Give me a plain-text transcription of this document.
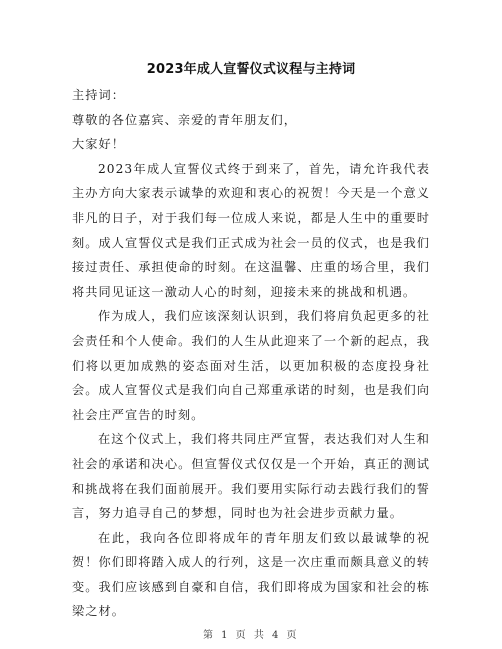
2023年成人宣誓仪式议程与主持词

主持词：

尊敬的各位嘉宾、亲爱的青年朋友们，

大家好！

2023年成人宣誓仪式终于到来了，首先，请允许我代表主办方向大家表示诚挚的欢迎和衷心的祝贺！今天是一个意义非凡的日子，对于我们每一位成人来说，都是人生中的重要时刻。成人宣誓仪式是我们正式成为社会一员的仪式，也是我们接过责任、承担使命的时刻。在这温馨、庄重的场合里，我们将共同见证这一激动人心的时刻，迎接未来的挑战和机遇。

作为成人，我们应该深刻认识到，我们将肩负起更多的社会责任和个人使命。我们的人生从此迎来了一个新的起点，我们将以更加成熟的姿态面对生活，以更加积极的态度投身社会。成人宣誓仪式是我们向自己郑重承诺的时刻，也是我们向社会庄严宣告的时刻。

在这个仪式上，我们将共同庄严宣誓，表达我们对人生和社会的承诺和决心。但宣誓仪式仅仅是一个开始，真正的测试和挑战将在我们面前展开。我们要用实际行动去践行我们的誓言，努力追寻自己的梦想，同时也为社会进步贡献力量。

在此，我向各位即将成年的青年朋友们致以最诚挚的祝贺！你们即将踏入成人的行列，这是一次庄重而颇具意义的转变。我们应该感到自豪和自信，我们即将成为国家和社会的栋梁之材。

第 1 页 共 4 页
